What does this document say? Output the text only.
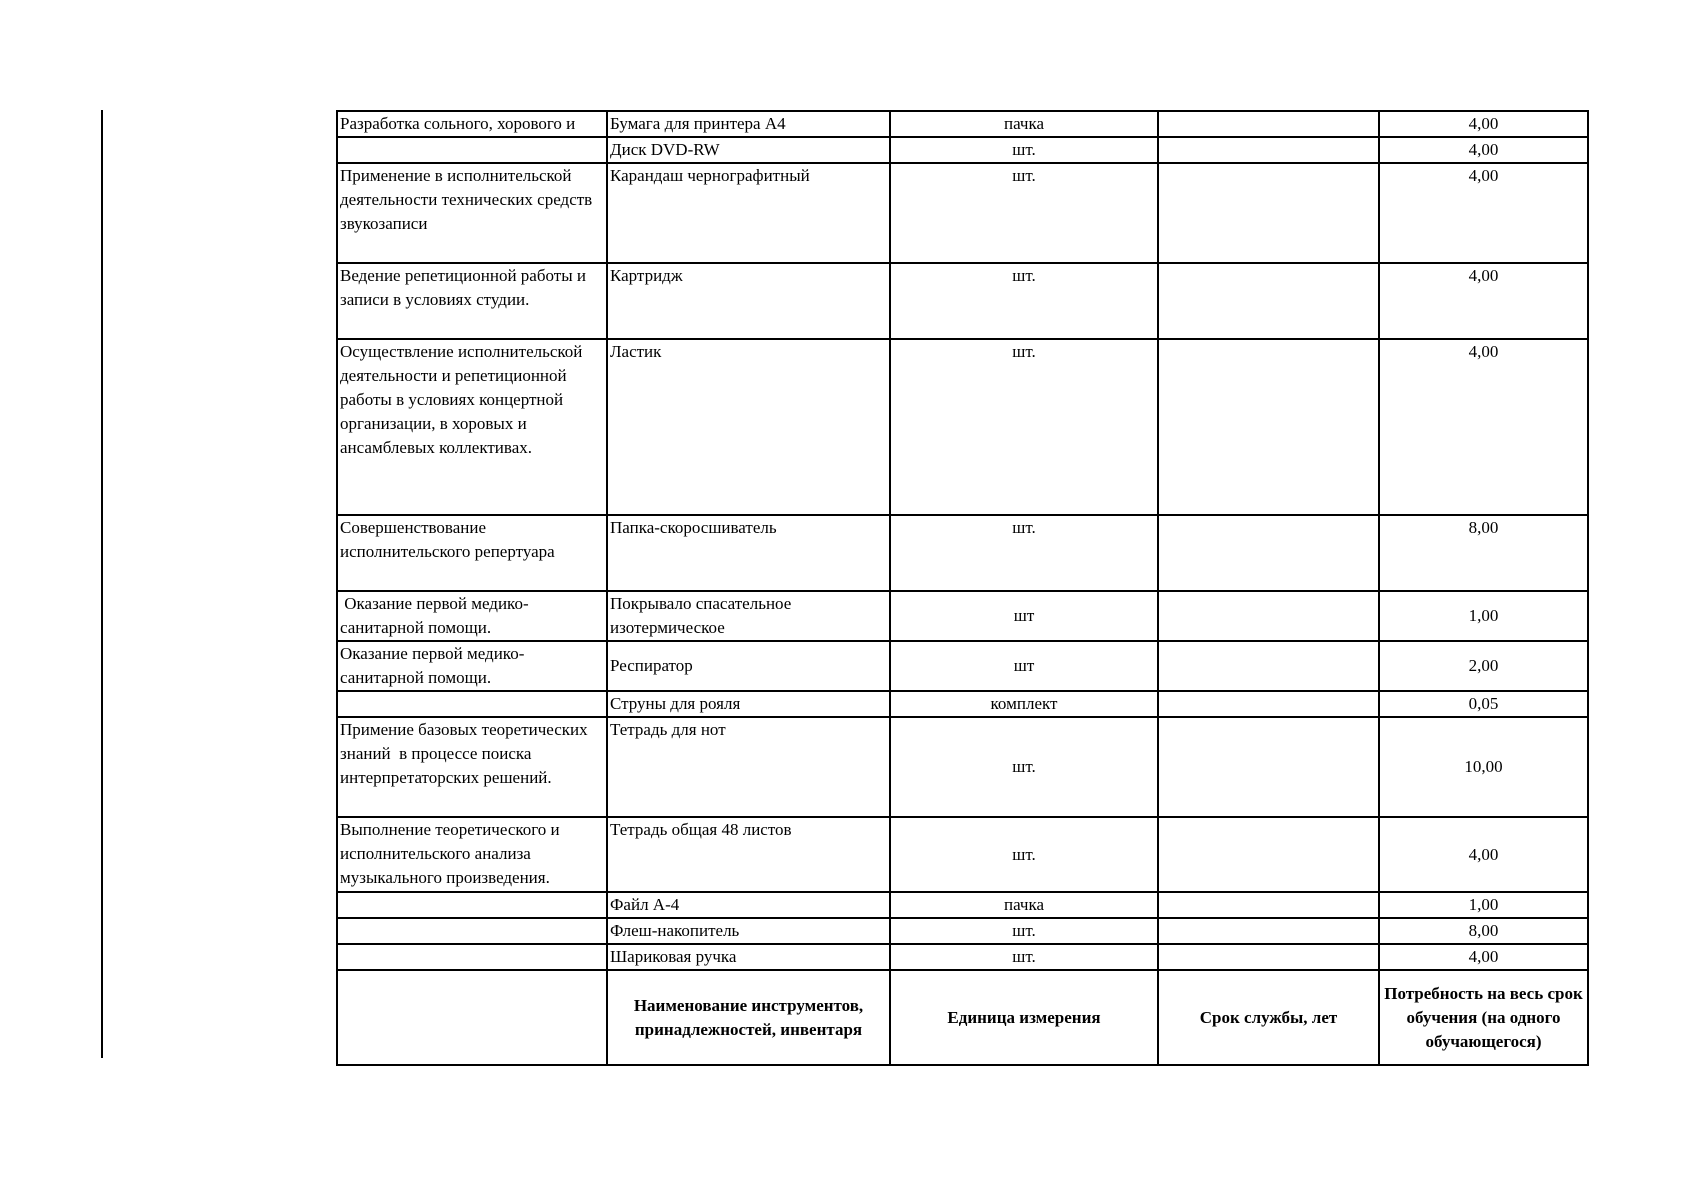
Разработка сольного, хорового и	Бумага для принтера А4	пачка		4,00
	Диск DVD-RW	шт.		4,00
Применение в исполнительской деятельности технических средств звукозаписи	Карандаш чернографитный	шт.		4,00
Ведение репетиционной работы и записи в условиях студии.	Картридж	шт.		4,00
Осуществление исполнительской деятельности и репетиционной работы в условиях концертной организации, в хоровых и ансамблевых коллективах.	Ластик	шт.		4,00
Совершенствование исполнительского репертуара	Папка-скоросшиватель	шт.		8,00
Оказание первой медико-санитарной помощи.	Покрывало спасательное изотермическое	шт		1,00
Оказание первой медико-санитарной помощи.	Респиратор	шт		2,00
	Струны для рояля	комплект		0,05
Примение базовых теоретических  знаний  в процессе поиска интерпретаторских решений.	Тетрадь для нот	шт.		10,00
Выполнение теоретического и исполнительского анализа музыкального произведения.	Тетрадь общая 48 листов	шт.		4,00
	Файл А-4	пачка		1,00
	Флеш-накопитель	шт.		8,00
	Шариковая ручка	шт.		4,00
	Наименование инструментов, принадлежностей, инвентаря	Единица измерения	Срок службы, лет	Потребность на весь срок обучения (на одного обучающегося)
